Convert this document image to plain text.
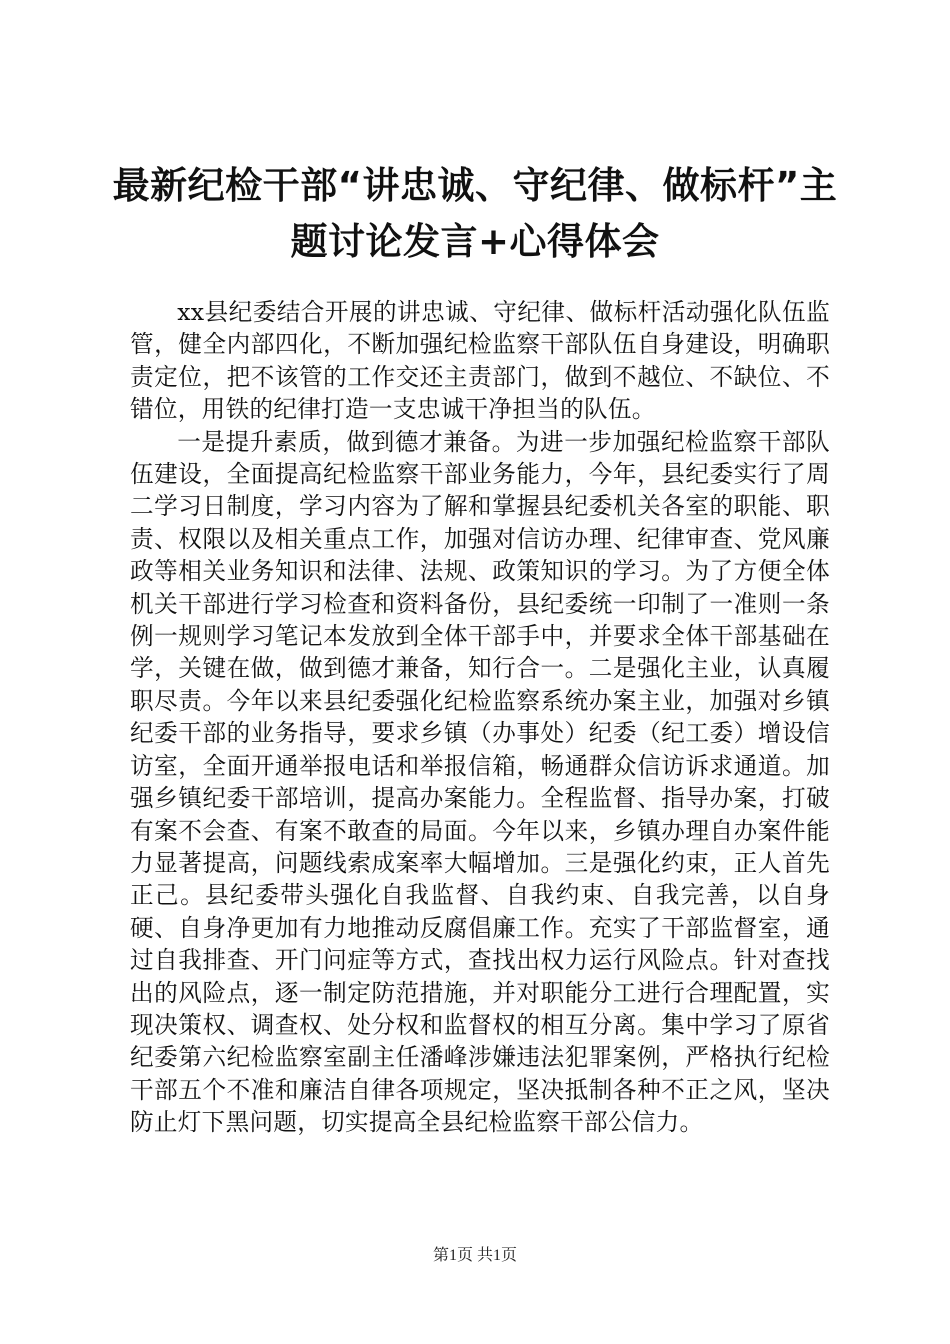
最新纪检干部“讲忠诚、守纪律、做标杆”主题讨论发言+心得体会

xx县纪委结合开展的讲忠诚、守纪律、做标杆活动强化队伍监管，健全内部四化，不断加强纪检监察干部队伍自身建设，明确职责定位，把不该管的工作交还主责部门，做到不越位、不缺位、不错位，用铁的纪律打造一支忠诚干净担当的队伍。

一是提升素质，做到德才兼备。为进一步加强纪检监察干部队伍建设，全面提高纪检监察干部业务能力，今年，县纪委实行了周二学习日制度，学习内容为了解和掌握县纪委机关各室的职能、职责、权限以及相关重点工作，加强对信访办理、纪律审查、党风廉政等相关业务知识和法律、法规、政策知识的学习。为了方便全体机关干部进行学习检查和资料备份，县纪委统一印制了一准则一条例一规则学习笔记本发放到全体干部手中，并要求全体干部基础在学，关键在做，做到德才兼备，知行合一。二是强化主业，认真履职尽责。今年以来县纪委强化纪检监察系统办案主业，加强对乡镇纪委干部的业务指导，要求乡镇（办事处）纪委（纪工委）增设信访室，全面开通举报电话和举报信箱，畅通群众信访诉求通道。加强乡镇纪委干部培训，提高办案能力。全程监督、指导办案，打破有案不会查、有案不敢查的局面。今年以来，乡镇办理自办案件能力显著提高，问题线索成案率大幅增加。三是强化约束，正人首先正己。县纪委带头强化自我监督、自我约束、自我完善，以自身硬、自身净更加有力地推动反腐倡廉工作。充实了干部监督室，通过自我排查、开门问症等方式，查找出权力运行风险点。针对查找出的风险点，逐一制定防范措施，并对职能分工进行合理配置，实现决策权、调查权、处分权和监督权的相互分离。集中学习了原省纪委第六纪检监察室副主任潘峰涉嫌违法犯罪案例，严格执行纪检干部五个不准和廉洁自律各项规定，坚决抵制各种不正之风，坚决防止灯下黑问题，切实提高全县纪检监察干部公信力。

第1页 共1页
